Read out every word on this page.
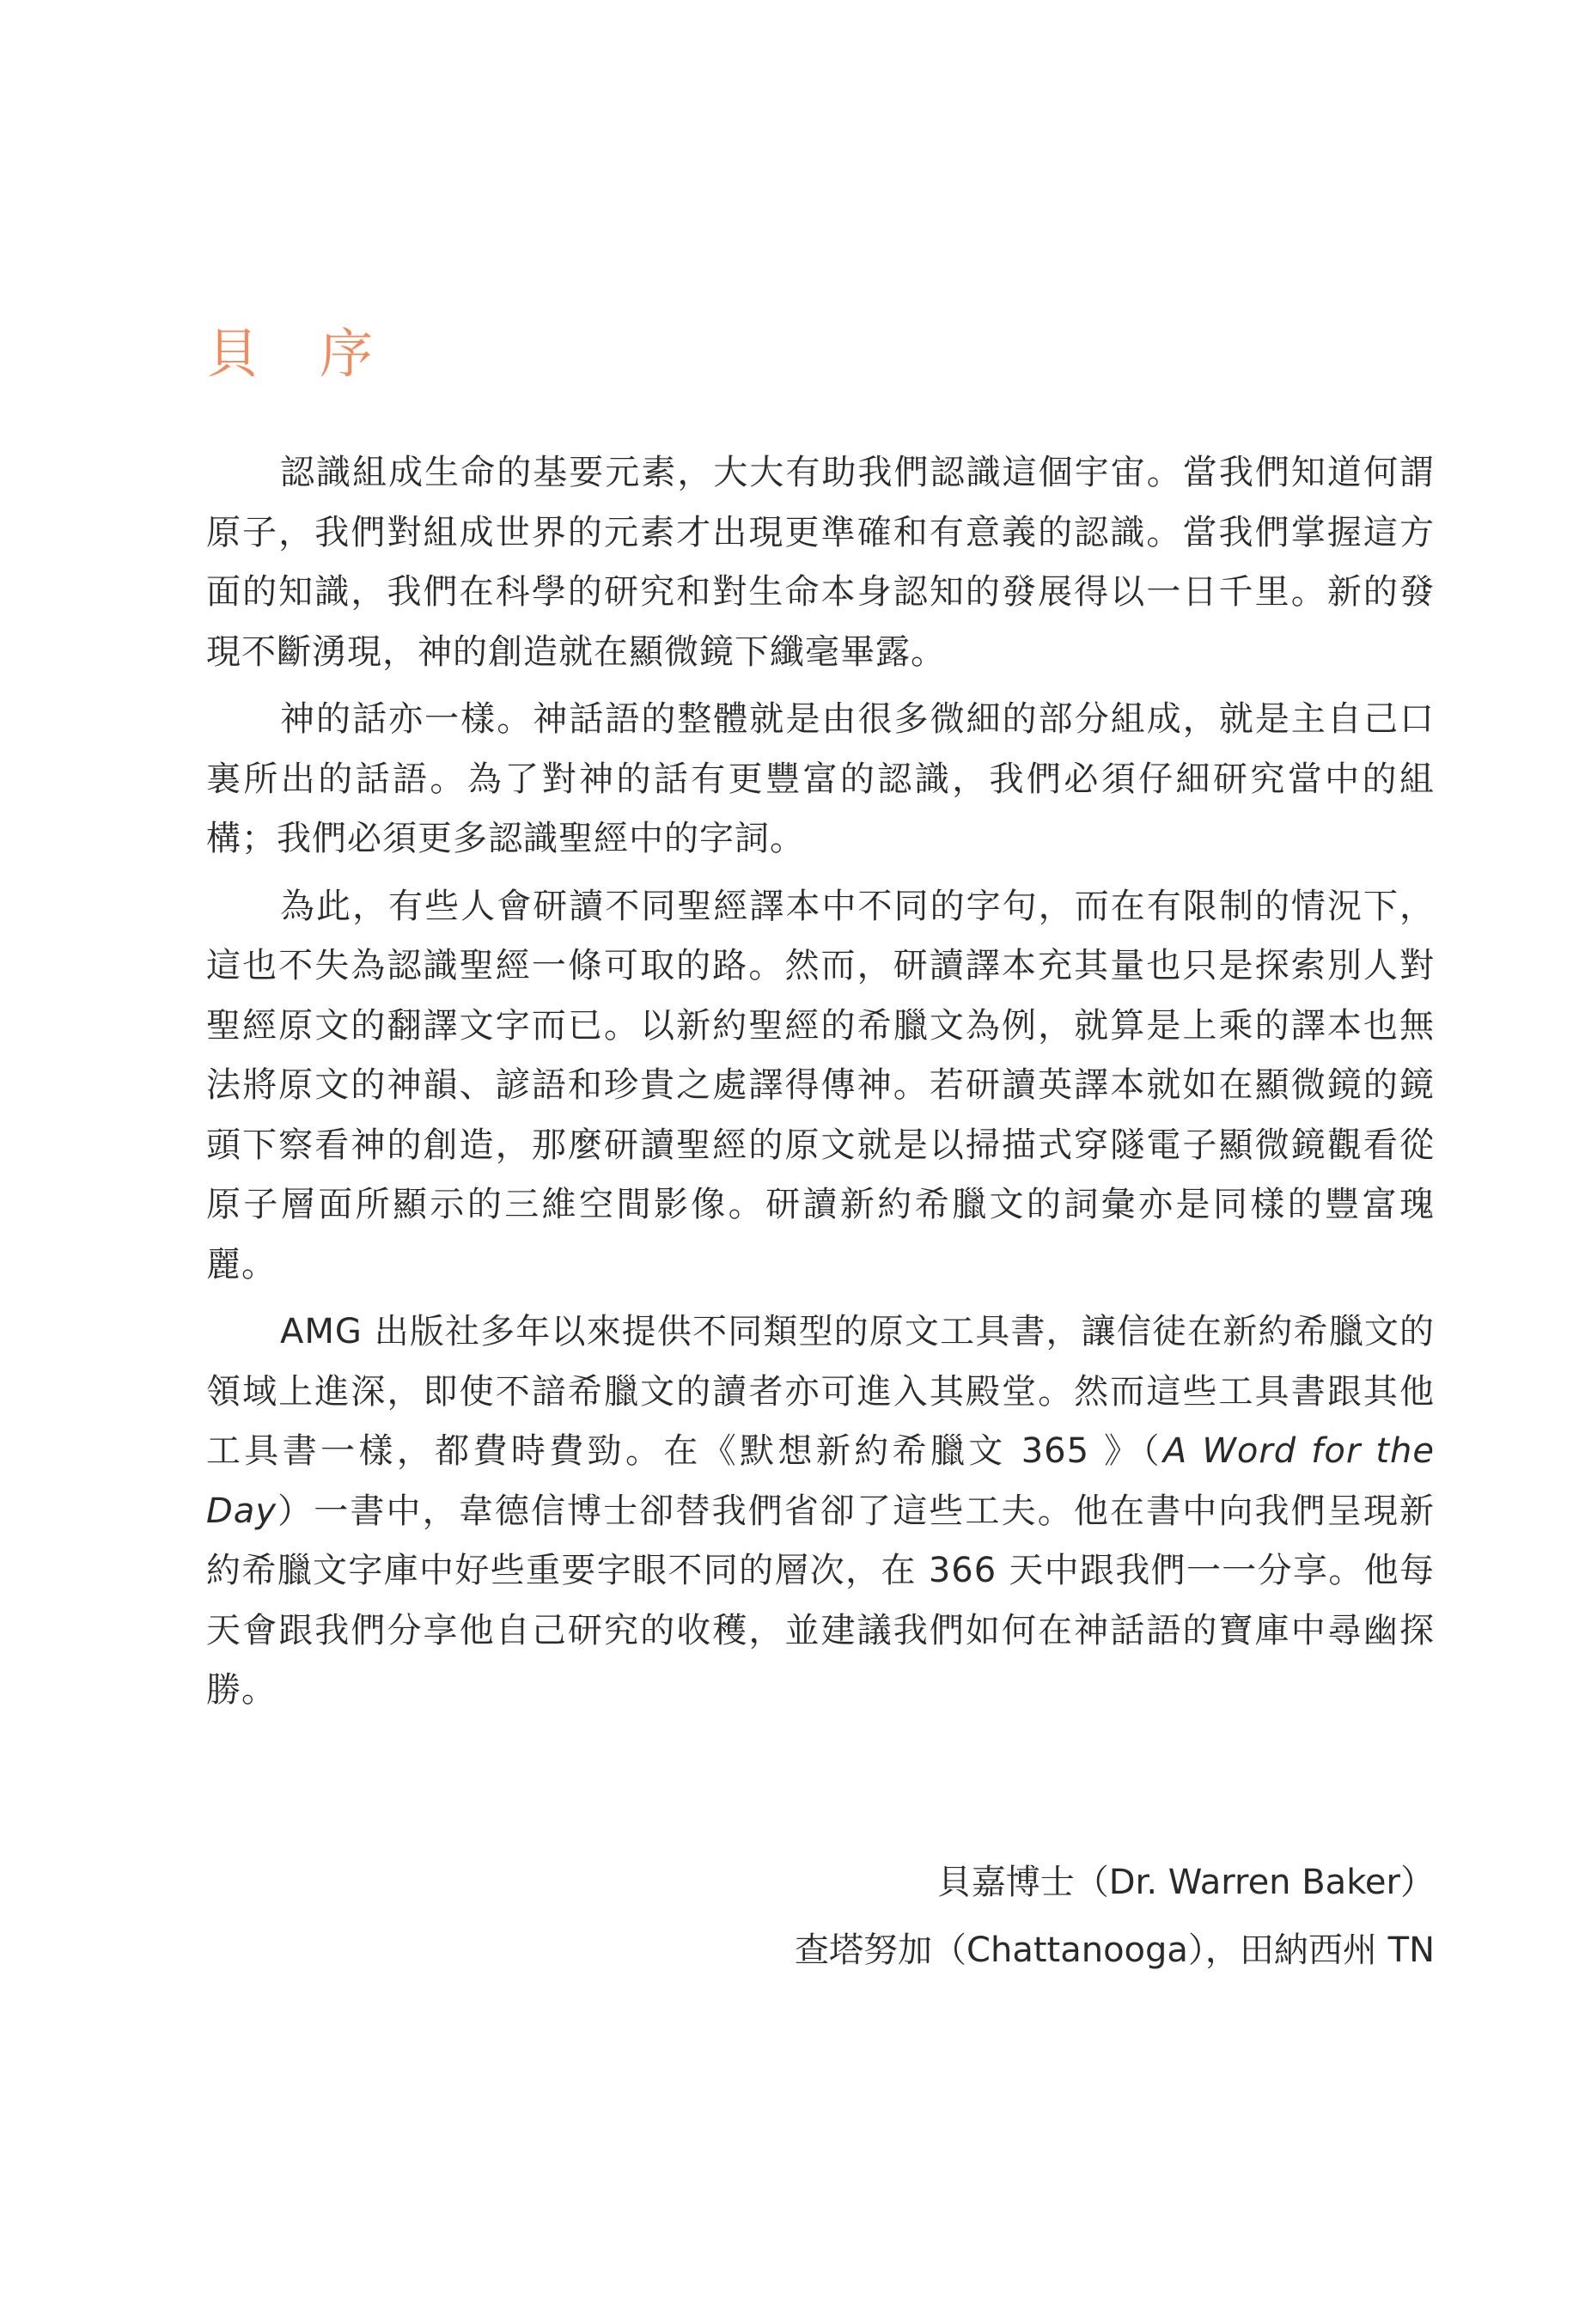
貝序

認識組成生命的基要元素，大大有助我們認識這個宇宙。當我們知道何謂原子，我們對組成世界的元素才出現更準確和有意義的認識。當我們掌握這方面的知識，我們在科學的研究和對生命本身認知的發展得以一日千里。新的發現不斷湧現，神的創造就在顯微鏡下纖毫畢露。

神的話亦一樣。神話語的整體就是由很多微細的部分組成，就是主自己口裏所出的話語。為了對神的話有更豐富的認識，我們必須仔細研究當中的組構；我們必須更多認識聖經中的字詞。

為此，有些人會研讀不同聖經譯本中不同的字句，而在有限制的情況下，這也不失為認識聖經一條可取的路。然而，研讀譯本充其量也只是探索別人對聖經原文的翻譯文字而已。以新約聖經的希臘文為例，就算是上乘的譯本也無法將原文的神韻、諺語和珍貴之處譯得傳神。若研讀英譯本就如在顯微鏡的鏡頭下察看神的創造，那麼研讀聖經的原文就是以掃描式穿隧電子顯微鏡觀看從原子層面所顯示的三維空間影像。研讀新約希臘文的詞彙亦是同樣的豐富瑰麗。

AMG 出版社多年以來提供不同類型的原文工具書，讓信徒在新約希臘文的領域上進深，即使不諳希臘文的讀者亦可進入其殿堂。然而這些工具書跟其他工具書一樣，都費時費勁。在《默想新約希臘文 365 》（A Word for the Day）一書中，韋德信博士卻替我們省卻了這些工夫。他在書中向我們呈現新約希臘文字庫中好些重要字眼不同的層次，在 366 天中跟我們一一分享。他每天會跟我們分享他自己研究的收穫，並建議我們如何在神話語的寶庫中尋幽探勝。

貝嘉博士（Dr. Warren Baker）
查塔努加（Chattanooga），田納西州 TN
